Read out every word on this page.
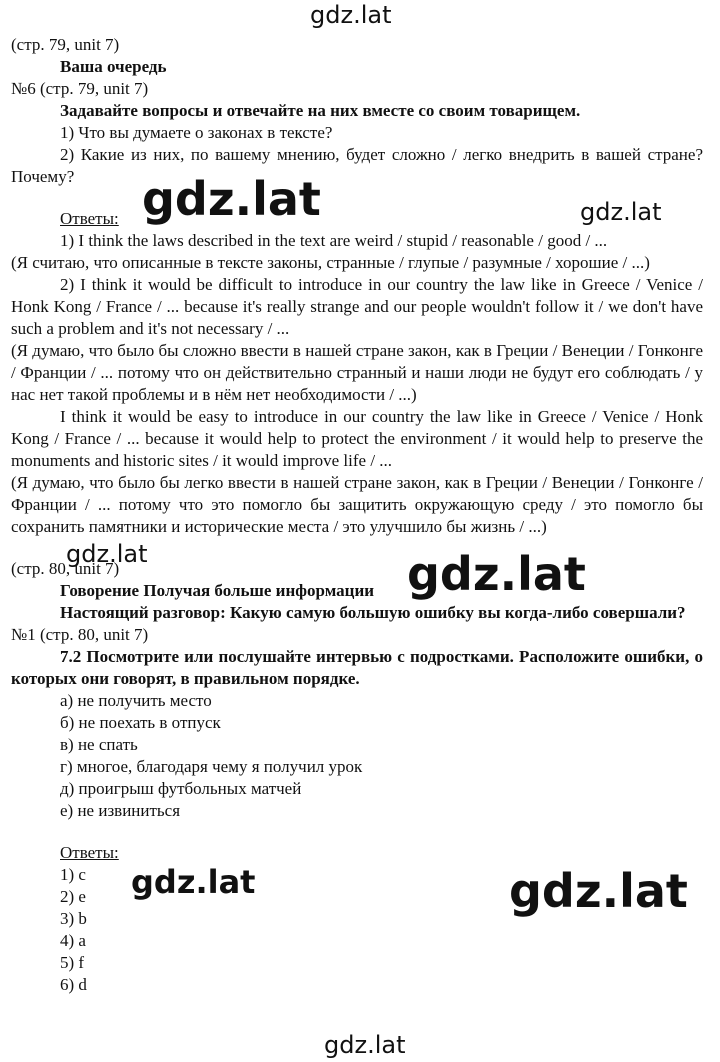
gdz.lat
gdz.lat	gdz.lat
gdz.lat	gdz.lat
gdz.lat	gdz.lat
gdz.lat
(стр. 79, unit 7)
Ваша очередь
№6 (стр. 79, unit 7)
Задавайте вопросы и отвечайте на них вместе со своим товарищем.
1) Что вы думаете о законах в тексте?
2) Какие из них, по вашему мнению, будет сложно / легко внедрить в вашей стране? Почему?
Ответы:
1) I think the laws described in the text are weird / stupid / reasonable / good / ...
(Я считаю, что описанные в тексте законы, странные / глупые / разумные / хорошие / ...)
2) I think it would be difficult to introduce in our country the law like in Greece / Venice / Honk Kong / France / ... because it's really strange and our people wouldn't follow it / we don't have such a problem and it's not necessary / ...
(Я думаю, что было бы сложно ввести в нашей стране закон, как в Греции / Венеции / Гонконге / Франции / ... потому что он действительно странный и наши люди не будут его соблюдать / у нас нет такой проблемы и в нём нет необходимости / ...)
I think it would be easy to introduce in our country the law like in Greece / Venice / Honk Kong / France / ... because it would help to protect the environment / it would help to preserve the monuments and historic sites / it would improve life / ...
(Я думаю, что было бы легко ввести в нашей стране закон, как в Греции / Венеции / Гонконге / Франции / ... потому что это помогло бы защитить окружающую среду / это помогло бы сохранить памятники и исторические места / это улучшило бы жизнь / ...)
(стр. 80, unit 7)
Говорение Получая больше информации
Настоящий разговор: Какую самую большую ошибку вы когда-либо совершали?
№1 (стр. 80, unit 7)
7.2 Посмотрите или послушайте интервью с подростками. Расположите ошибки, о которых они говорят, в правильном порядке.
а) не получить место
б) не поехать в отпуск
в) не спать
г) многое, благодаря чему я получил урок
д) проигрыш футбольных матчей
е) не извиниться
Ответы:
1) c
2) e
3) b
4) a
5) f
6) d
